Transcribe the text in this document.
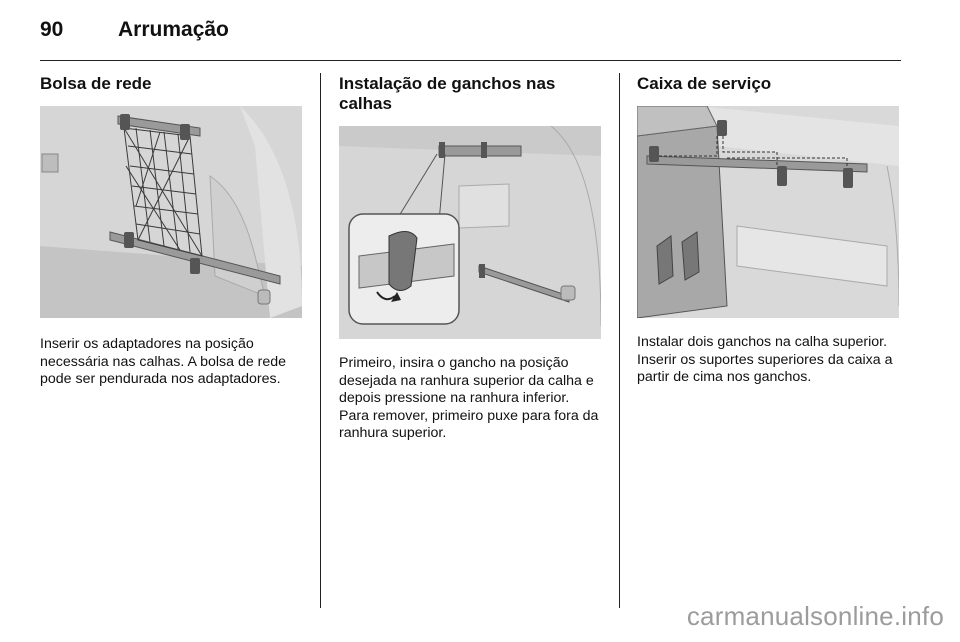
90	Arrumação
Bolsa de rede

Inserir os adaptadores na posição necessária nas calhas. A bolsa de rede pode ser pendurada nos adaptadores.

Instalação de ganchos nas calhas

Primeiro, insira o gancho na posição desejada na ranhura superior da calha e depois pressione na ranhura inferior. Para remover, primeiro puxe para fora da ranhura superior.

Caixa de serviço

Instalar dois ganchos na calha superior. Inserir os suportes superiores da caixa a partir de cima nos ganchos.

carmanualsonline.info
